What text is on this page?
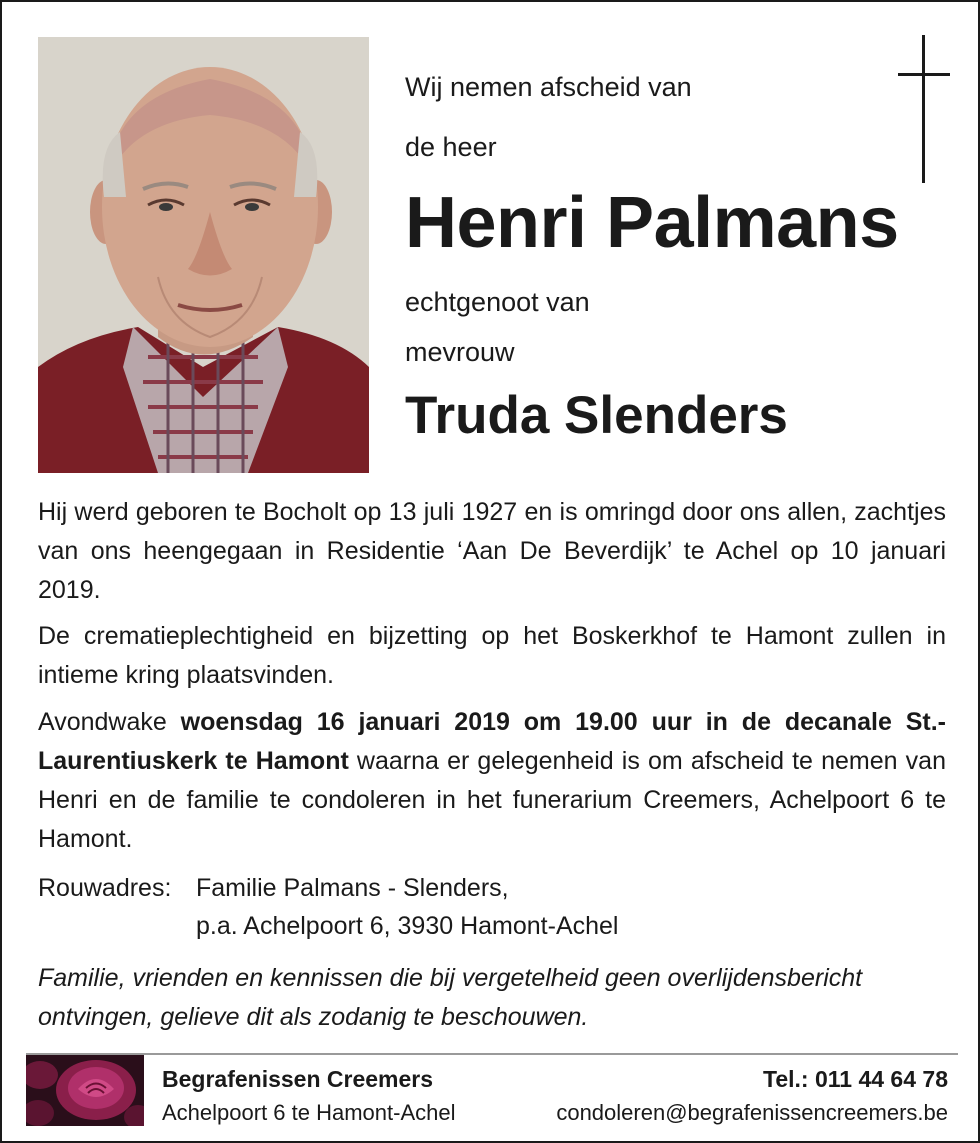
Wij nemen afscheid van
de heer
Henri Palmans
echtgenoot van
mevrouw
Truda Slenders
Hij werd geboren te Bocholt op 13 juli 1927 en is omringd door ons allen, zachtjes van ons heengegaan in Residentie ‘Aan De Beverdijk’ te Achel op 10 januari 2019.
De crematieplechtigheid en bijzetting op het Boskerkhof te Hamont zullen in intieme kring plaatsvinden.
Avondwake woensdag 16 januari 2019 om 19.00 uur in de decanale St.-Laurentiuskerk te Hamont waarna er gelegenheid is om afscheid te nemen van Henri en de familie te condoleren in het funerarium Creemers, Achelpoort 6 te Hamont.
Rouwadres: Familie Palmans - Slenders,
p.a. Achelpoort 6, 3930 Hamont-Achel
Familie, vrienden en kennissen die bij vergetelheid geen overlijdensbericht ontvingen, gelieve dit als zodanig te beschouwen.
Begrafenissen Creemers
Achelpoort 6 te Hamont-Achel
Tel.: 011 44 64 78
condoleren@begrafenissencreemers.be
